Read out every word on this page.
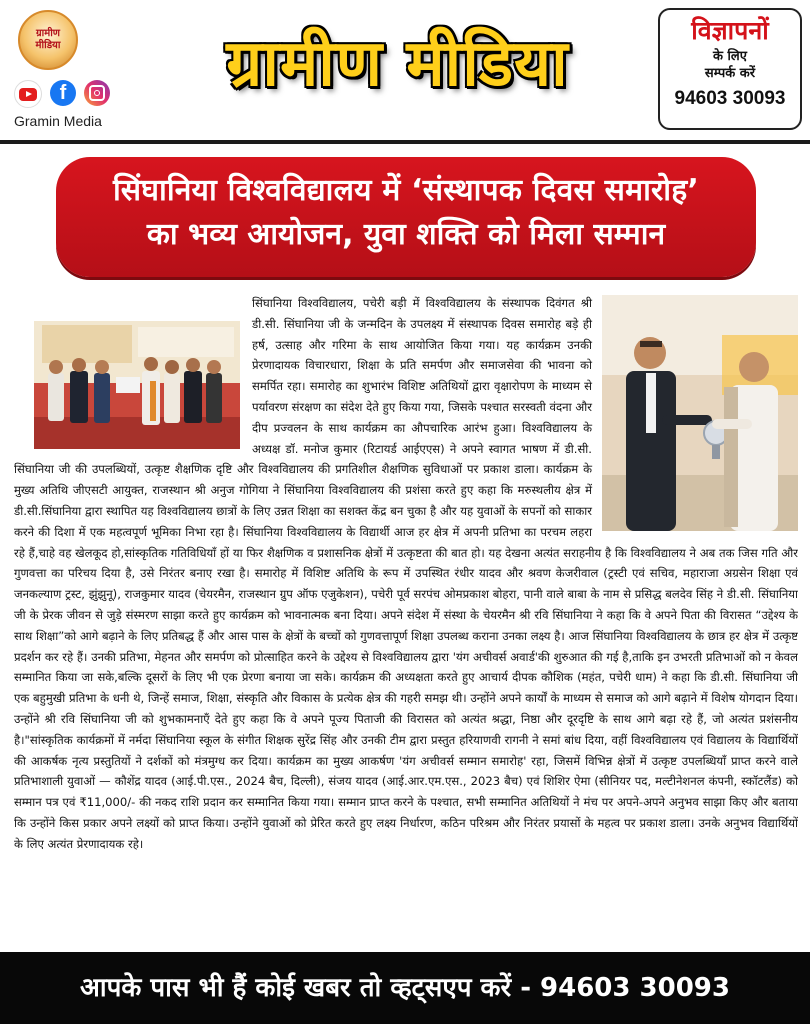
ग्रामीण
मीडिया
f
Gramin Media
ग्रामीण मीडिया	विज्ञापनों
के लिए
सम्पर्क करें
94603 30093
सिंघानिया विश्वविद्यालय में ‘संस्थापक दिवस समारोह’
का भव्य आयोजन, युवा शक्ति को मिला सम्मान

सिंघानिया विश्वविद्यालय, पचेरी बड़ी में विश्वविद्यालय के संस्थापक दिवंगत श्री डी.सी. सिंघानिया जी के जन्मदिन के उपलक्ष्य में संस्थापक दिवस समारोह बड़े ही हर्ष, उत्साह और गरिमा के साथ आयोजित किया गया। यह कार्यक्रम उनकी प्रेरणादायक विचारधारा, शिक्षा के प्रति समर्पण और समाजसेवा की भावना को समर्पित रहा। समारोह का शुभारंभ विशिष्ट अतिथियों द्वारा वृक्षारोपण के माध्यम से पर्यावरण संरक्षण का संदेश देते हुए किया गया, जिसके पश्चात सरस्वती वंदना और दीप प्रज्वलन के साथ कार्यक्रम का औपचारिक आरंभ हुआ। विश्वविद्यालय के अध्यक्ष डॉ. मनोज कुमार (रिटायर्ड आईएएस) ने अपने स्वागत भाषण में डी.सी. सिंघानिया जी की उपलब्धियों, उत्कृष्ट शैक्षणिक दृष्टि और विश्वविद्यालय की प्रगतिशील शैक्षणिक सुविधाओं पर प्रकाश डाला। कार्यक्रम के मुख्य अतिथि जीएसटी आयुक्त, राजस्थान श्री अनुज गोगिया ने सिंघानिया विश्वविद्यालय की प्रशंसा करते हुए कहा कि मरुस्थलीय क्षेत्र में डी.सी.सिंघानिया द्वारा स्थापित यह विश्वविद्यालय छात्रों के लिए उन्नत शिक्षा का सशक्त केंद्र बन चुका है और यह युवाओं के सपनों को साकार करने की दिशा में एक महत्वपूर्ण भूमिका निभा रहा है। सिंघानिया विश्वविद्यालय के विद्यार्थी आज हर क्षेत्र में अपनी प्रतिभा का परचम लहरा रहे हैं,चाहे वह खेलकूद हो,सांस्कृतिक गतिविधियाँ हों या फिर शैक्षणिक व प्रशासनिक क्षेत्रों में उत्कृष्टता की बात हो। यह देखना अत्यंत सराहनीय है कि विश्वविद्यालय ने अब तक जिस गति और गुणवत्ता का परिचय दिया है, उसे निरंतर बनाए रखा है। समारोह में विशिष्ट अतिथि के रूप में उपस्थित रंधीर यादव और श्रवण केजरीवाल (ट्रस्टी एवं सचिव, महाराजा अग्रसेन शिक्षा एवं जनकल्याण ट्रस्ट, झुंझुनू), राजकुमार यादव (चेयरमैन, राजस्थान ग्रुप ऑफ एजुकेशन), पचेरी पूर्व सरपंच ओमप्रकाश बोहरा, पानी वाले बाबा के नाम से प्रसिद्ध बलदेव सिंह ने डी.सी. सिंघानिया जी के प्रेरक जीवन से जुड़े संस्मरण साझा करते हुए कार्यक्रम को भावनात्मक बना दिया। अपने संदेश में संस्था के चेयरमैन श्री रवि सिंघानिया ने कहा कि वे अपने पिता की विरासत “उद्देश्य के साथ शिक्षा”को आगे बढ़ाने के लिए प्रतिबद्ध हैं और आस पास के क्षेत्रों के बच्चों को गुणवत्तापूर्ण शिक्षा उपलब्ध कराना उनका लक्ष्य है। आज सिंघानिया विश्वविद्यालय के छात्र हर क्षेत्र में उत्कृष्ट प्रदर्शन कर रहे हैं। उनकी प्रतिभा, मेहनत और समर्पण को प्रोत्साहित करने के उद्देश्य से विश्वविद्यालय द्वारा 'यंग अचीवर्स अवार्ड'की शुरुआत की गई है,ताकि इन उभरती प्रतिभाओं को न केवल सम्मानित किया जा सके,बल्कि दूसरों के लिए भी एक प्रेरणा बनाया जा सके। कार्यक्रम की अध्यक्षता करते हुए आचार्य दीपक कौशिक (महंत, पचेरी धाम) ने कहा कि डी.सी. सिंघानिया जी एक बहुमुखी प्रतिभा के धनी थे, जिन्हें समाज, शिक्षा, संस्कृति और विकास के प्रत्येक क्षेत्र की गहरी समझ थी। उन्होंने अपने कार्यों के माध्यम से समाज को आगे बढ़ाने में विशेष योगदान दिया। उन्होंने श्री रवि सिंघानिया जी को शुभकामनाएँ देते हुए कहा कि वे अपने पूज्य पिताजी की विरासत को अत्यंत श्रद्धा, निष्ठा और दूरदृष्टि के साथ आगे बढ़ा रहे हैं, जो अत्यंत प्रशंसनीय है।"सांस्कृतिक कार्यक्रमों में नर्मदा सिंघानिया स्कूल के संगीत शिक्षक सुरेंद्र सिंह और उनकी टीम द्वारा प्रस्तुत हरियाणवी रागनी ने समां बांध दिया, वहीं विश्वविद्यालय एवं विद्यालय के विद्यार्थियों की आकर्षक नृत्य प्रस्तुतियों ने दर्शकों को मंत्रमुग्ध कर दिया। कार्यक्रम का मुख्य आकर्षण 'यंग अचीवर्स सम्मान समारोह' रहा, जिसमें विभिन्न क्षेत्रों में उत्कृष्ट उपलब्धियाँ प्राप्त करने वाले प्रतिभाशाली युवाओं — कौशेंद्र यादव (आई.पी.एस., 2024 बैच, दिल्ली), संजय यादव (आई.आर.एम.एस., 2023 बैच) एवं शिशिर ऐमा (सीनियर पद, मल्टीनेशनल कंपनी, स्कॉटलैंड) को सम्मान पत्र एवं ₹11,000/- की नकद राशि प्रदान कर सम्मानित किया गया। सम्मान प्राप्त करने के पश्चात, सभी सम्मानित अतिथियों ने मंच पर अपने-अपने अनुभव साझा किए और बताया कि उन्होंने किस प्रकार अपने लक्ष्यों को प्राप्त किया। उन्होंने युवाओं को प्रेरित करते हुए लक्ष्य निर्धारण, कठिन परिश्रम और निरंतर प्रयासों के महत्व पर प्रकाश डाला। उनके अनुभव विद्यार्थियों के लिए अत्यंत प्रेरणादायक रहे।

आपके पास भी हैं कोई खबर तो व्हट्सएप करें - 94603 30093
